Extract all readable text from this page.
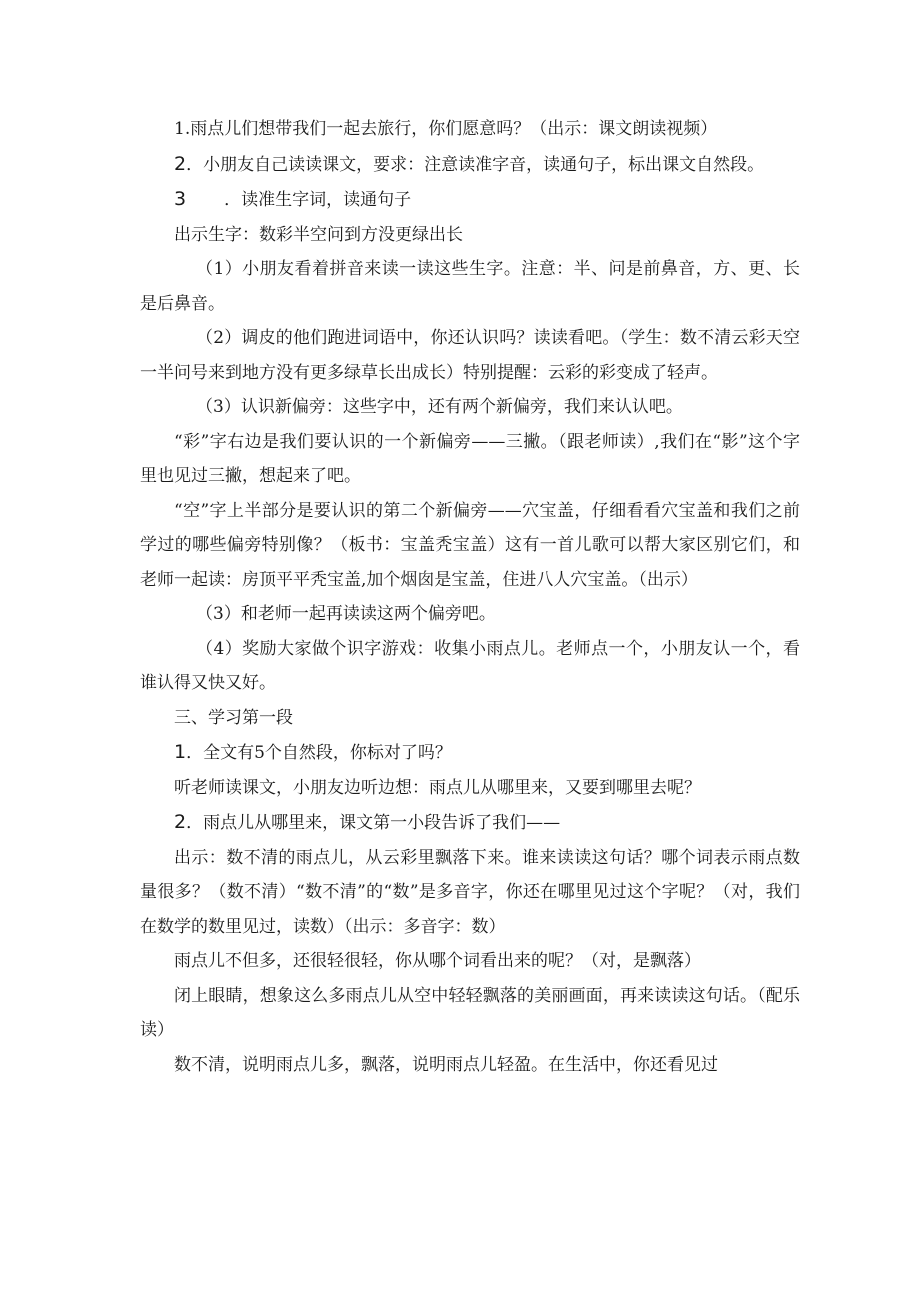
1.雨点儿们想带我们一起去旅行，你们愿意吗？（出示：课文朗读视频）

2．小朋友自己读读课文，要求：注意读准字音，读通句子，标出课文自然段。

3 ．读准生字词，读通句子

出示生字：数彩半空问到方没更绿出长

（1）小朋友看着拼音来读一读这些生字。注意：半、问是前鼻音，方、更、长是后鼻音。

（2）调皮的他们跑进词语中，你还认识吗？读读看吧。（学生：数不清云彩天空一半问号来到地方没有更多绿草长出成长）特别提醒：云彩的彩变成了轻声。

（3）认识新偏旁：这些字中，还有两个新偏旁，我们来认认吧。

“彩”字右边是我们要认识的一个新偏旁——三撇。（跟老师读）,我们在“影”这个字里也见过三撇，想起来了吧。

“空”字上半部分是要认识的第二个新偏旁——穴宝盖，仔细看看穴宝盖和我们之前学过的哪些偏旁特别像？（板书：宝盖秃宝盖）这有一首儿歌可以帮大家区别它们，和老师一起读：房顶平平秃宝盖,加个烟囱是宝盖，住进八人穴宝盖。（出示）

（3）和老师一起再读读这两个偏旁吧。

（4）奖励大家做个识字游戏：收集小雨点儿。老师点一个，小朋友认一个，看谁认得又快又好。

三、学习第一段

1．全文有5个自然段，你标对了吗？

听老师读课文，小朋友边听边想：雨点儿从哪里来，又要到哪里去呢？

2．雨点儿从哪里来，课文第一小段告诉了我们——

出示：数不清的雨点儿，从云彩里飘落下来。谁来读读这句话？哪个词表示雨点数量很多？（数不清）“数不清”的“数”是多音字，你还在哪里见过这个字呢？（对，我们在数学的数里见过，读数）（出示：多音字：数）

雨点儿不但多，还很轻很轻，你从哪个词看出来的呢？（对，是飘落）

闭上眼睛，想象这么多雨点儿从空中轻轻飘落的美丽画面，再来读读这句话。（配乐读）

数不清，说明雨点儿多，飘落，说明雨点儿轻盈。在生活中，你还看见过
